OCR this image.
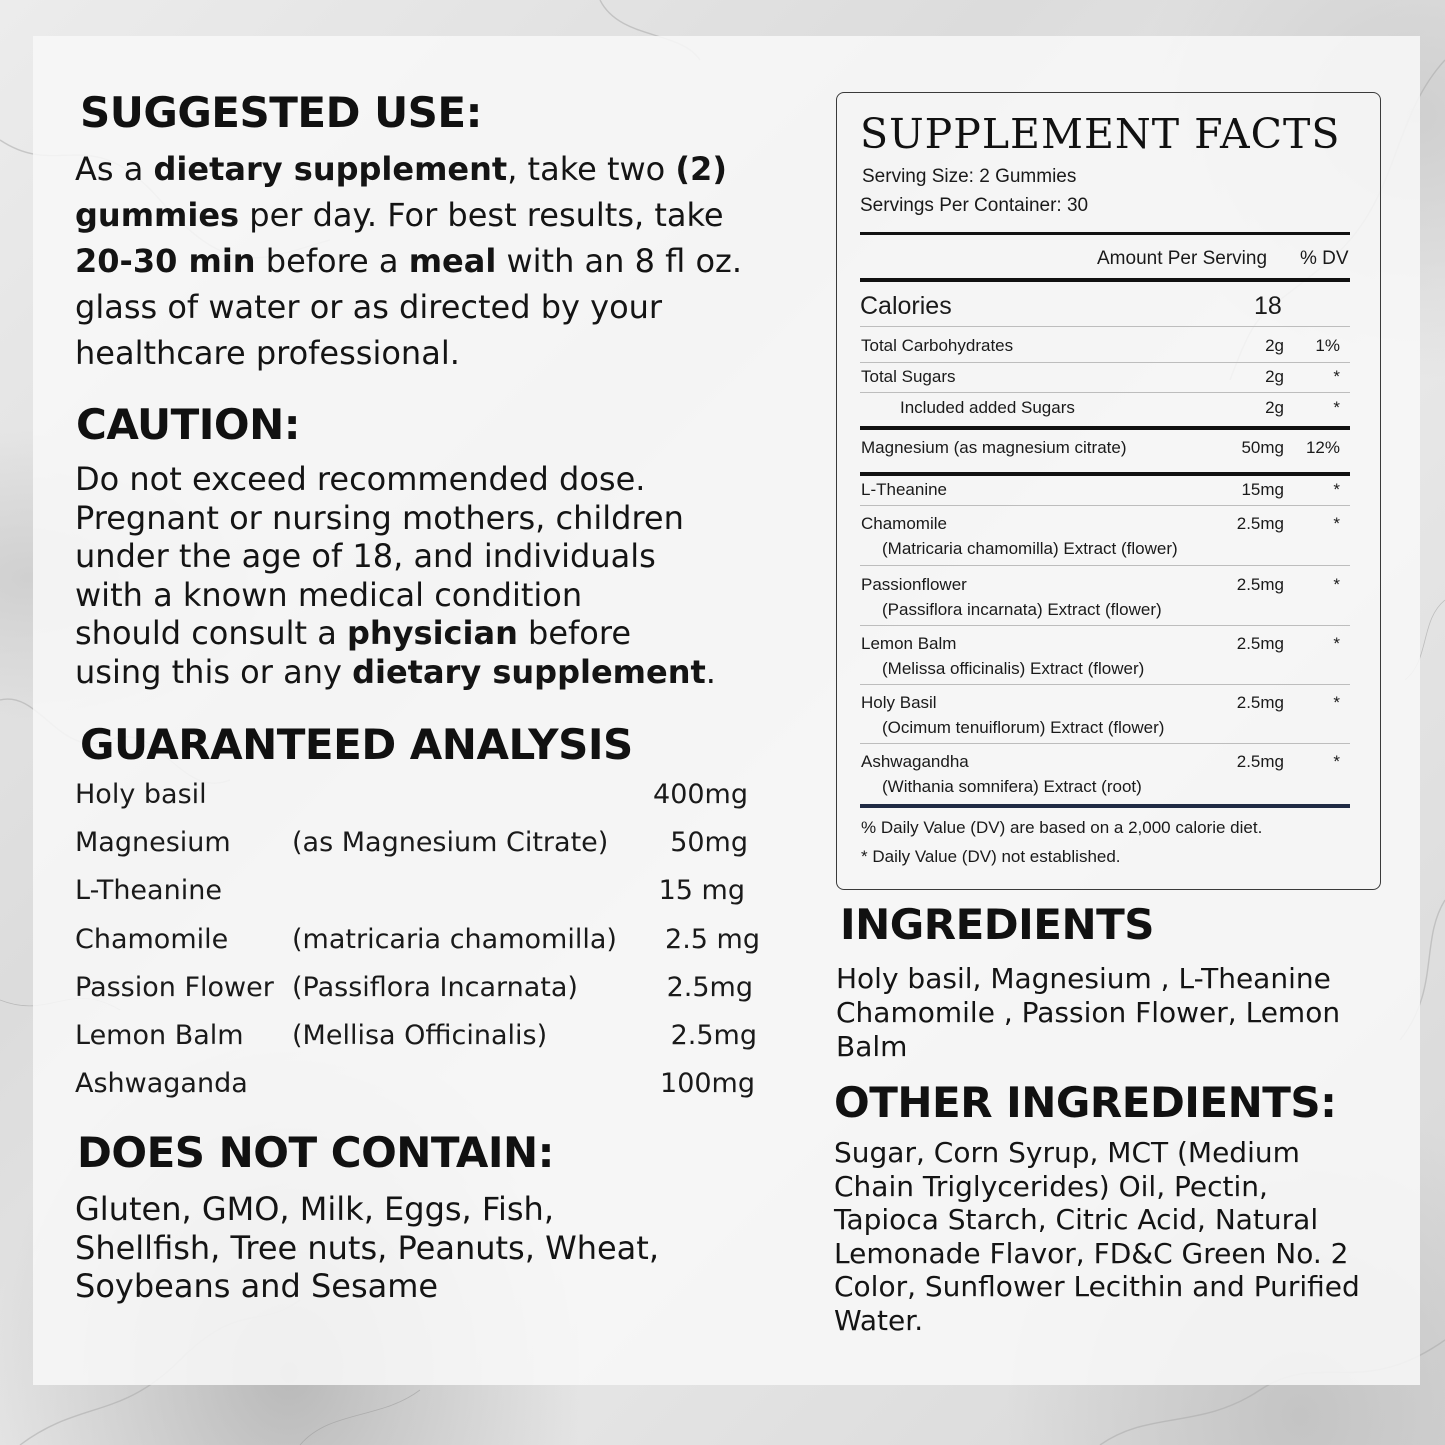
SUGGESTED USE:
As a dietary supplement, take two (2)
gummies per day. For best results, take
20-30 min before a meal with an 8 fl oz.
glass of water or as directed by your
healthcare professional.
CAUTION:
Do not exceed recommended dose.
Pregnant or nursing mothers, children
under the age of 18, and individuals
with a known medical condition
should consult a physician before
using this or any dietary supplement.
GUARANTEED ANALYSIS
Holy basil	400mg
Magnesium (as Magnesium Citrate) 50mg
L-Theanine	15 mg
Chamomile (matricaria chamomilla) 2.5 mg
Passion Flower (Passiflora Incarnata)	2.5mg
Lemon Balm (Mellisa Officinalis)	2.5mg
Ashwaganda	100mg
DOES NOT CONTAIN:
Gluten, GMO, Milk, Eggs, Fish,
Shellfish, Tree nuts, Peanuts, Wheat,
Soybeans and Sesame
SUPPLEMENT FACTS
Serving Size: 2 Gummies
Servings Per Container: 30
Amount Per Serving % DV
Calories	18
Total Carbohydrates	2g 1%
Total Sugars	2g	*
Included added Sugars	2g	*
Magnesium (as magnesium citrate)	50mg 12%
L-Theanine	15mg	*
Chamomile
(Matricaria chamomilla) Extract (flower)
2.5mg	*
Passionflower
(Passiflora incarnata) Extract (flower)
2.5mg	*
Lemon Balm
(Melissa officinalis) Extract (flower)
2.5mg	*
Holy Basil
(Ocimum tenuiflorum) Extract (flower)
2.5mg	*
Ashwagandha
(Withania somnifera) Extract (root)
2.5mg	*
% Daily Value (DV) are based on a 2,000 calorie diet.
* Daily Value (DV) not established.
INGREDIENTS
Holy basil, Magnesium , L-Theanine
Chamomile , Passion Flower, Lemon
Balm
OTHER INGREDIENTS:
Sugar, Corn Syrup, MCT (Medium
Chain Triglycerides) Oil, Pectin,
Tapioca Starch, Citric Acid, Natural
Lemonade Flavor, FD&C Green No. 2
Color, Sunflower Lecithin and Purified
Water.
